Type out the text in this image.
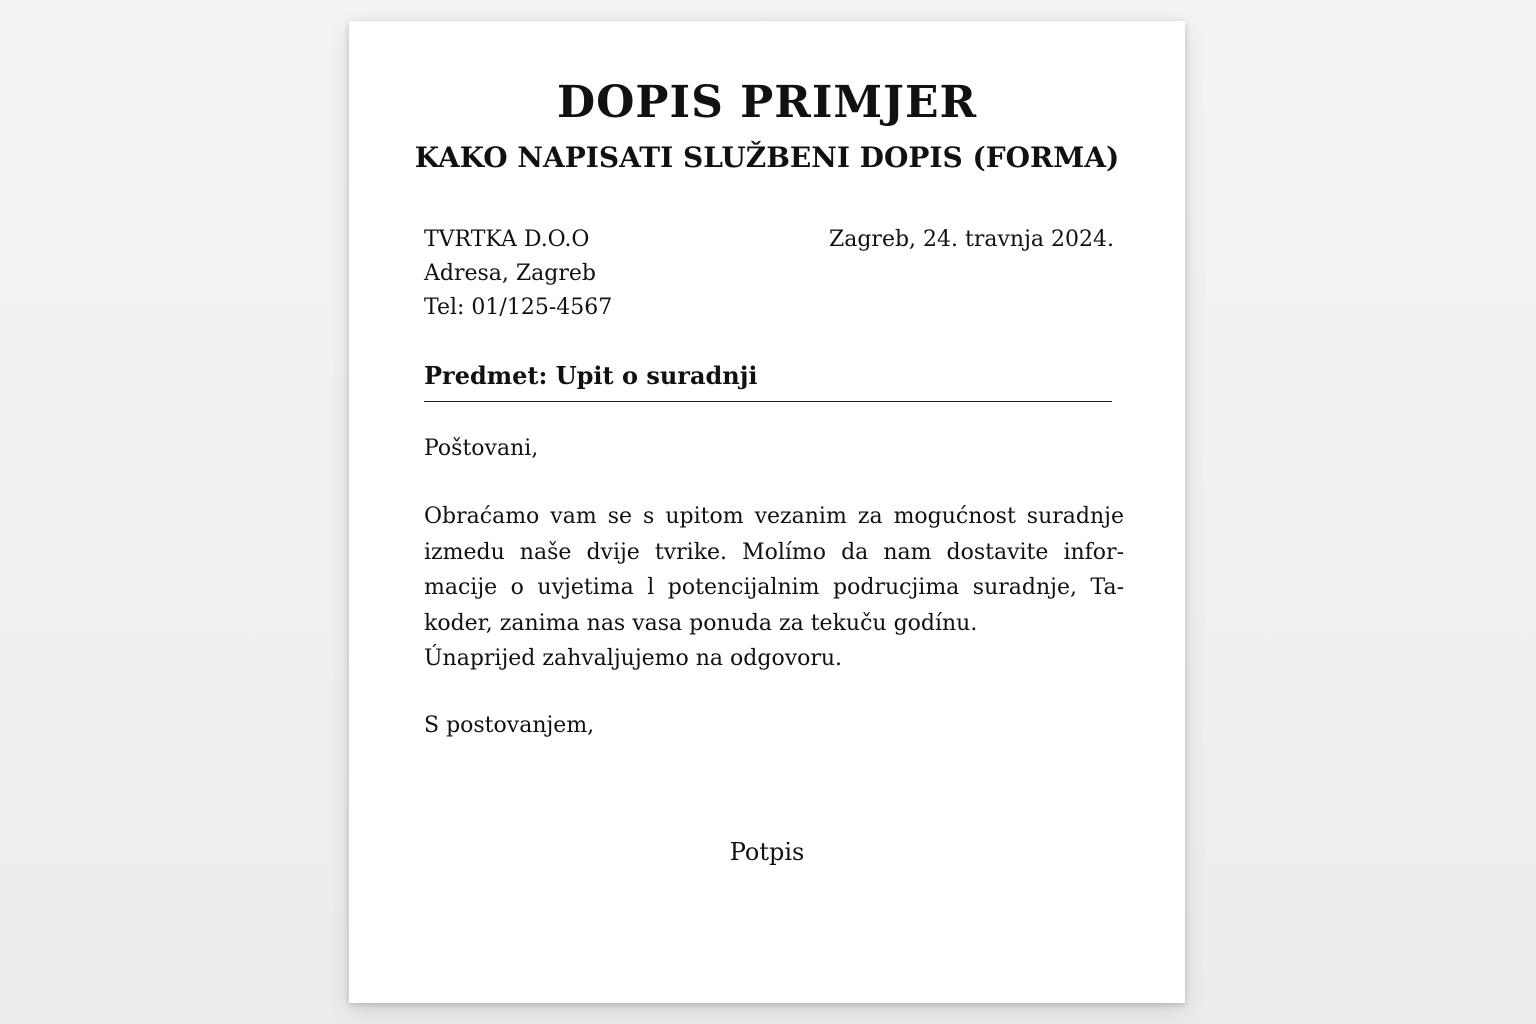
DOPIS PRIMJER
KAKO NAPISATI SLUŽBENI DOPIS (FORMA)
TVRTKA D.O.O
Adresa, Zagreb
Tel: 01/125-4567
Zagreb, 24. travnja 2024.
Predmet: Upit o suradnji
Poštovani,
Obraćamo vam se s upitom vezanim za mogućnost suradnje
izmedu naše dvije tvrike. Molímo da nam dostavite infor-
macije o uvjetima l potencijalnim podrucjima suradnje, Ta-
koder, zanima nas vasa ponuda za tekuču godínu.
Únaprijed zahvaljujemo na odgovoru.
S postovanjem,
Potpis
